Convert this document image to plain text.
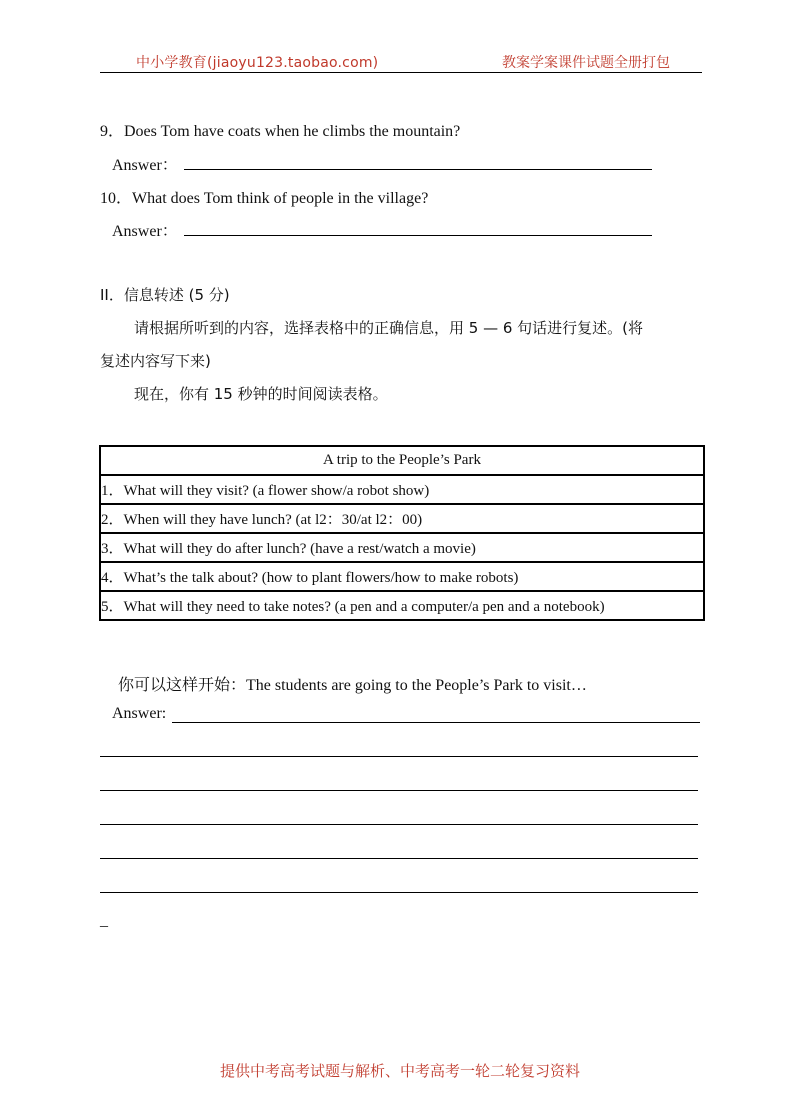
中小学教育(jiaoyu123.taobao.com)	教案学案课件试题全册打包
9．Does Tom have coats when he climbs the mountain?
Answer：
10．What does Tom think of people in the village?
Answer：
II．信息转述 (5 分)
请根据所听到的内容，选择表格中的正确信息，用 5 — 6 句话进行复述。(将
复述内容写下来)
现在，你有 15 秒钟的时间阅读表格。
A trip to the People’s Park
1．What will they visit? (a flower show/a robot show)
2．When will they have lunch? (at l2：30/at l2：00)
3．What will they do after lunch? (have a rest/watch a movie)
4．What’s the talk about? (how to plant flowers/how to make robots)
5．What will they need to take notes? (a pen and a computer/a pen and a notebook)
你可以这样开始：The students are going to the People’s Park to visit…
Answer:
_
提供中考高考试题与解析、中考高考一轮二轮复习资料
